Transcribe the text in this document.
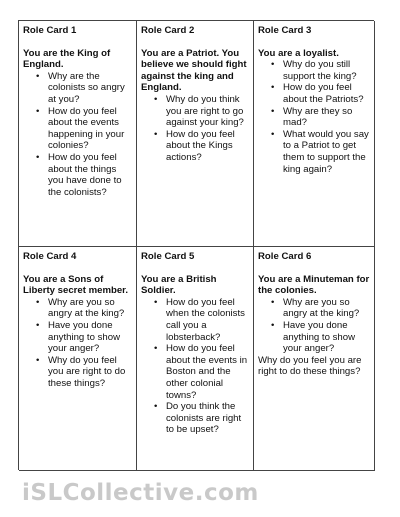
Role Card 1

You are the King of England.

• Why are the colonists so angry at you?
• How do you feel about the events happening in your colonies?
• How do you feel about the things you have done to the colonists?

Role Card 2

You are a Patriot. You believe we should fight against the king and England.

• Why do you think you are right to go against your king?
• How do you feel about the Kings actions?

Role Card 3

You are a loyalist.

• Why do you still support the king?
• How do you feel about the Patriots?
• Why are they so mad?
• What would you say to a Patriot to get them to support the king again?

Role Card 4

You are a Sons of Liberty secret member.

• Why are you so angry at the king?
• Have you done anything to show your anger?
• Why do you feel you are right to do these things?

Role Card 5

You are a British Soldier.

• How do you feel when the colonists call you a lobsterback?
• How do you feel about the events in Boston and the other colonial towns?
• Do you think the colonists are right to be upset?

Role Card 6

You are a Minuteman for the colonies.

• Why are you so angry at the king?
• Have you done anything to show your anger?

Why do you feel you are right to do these things?

iSLCollective.com
